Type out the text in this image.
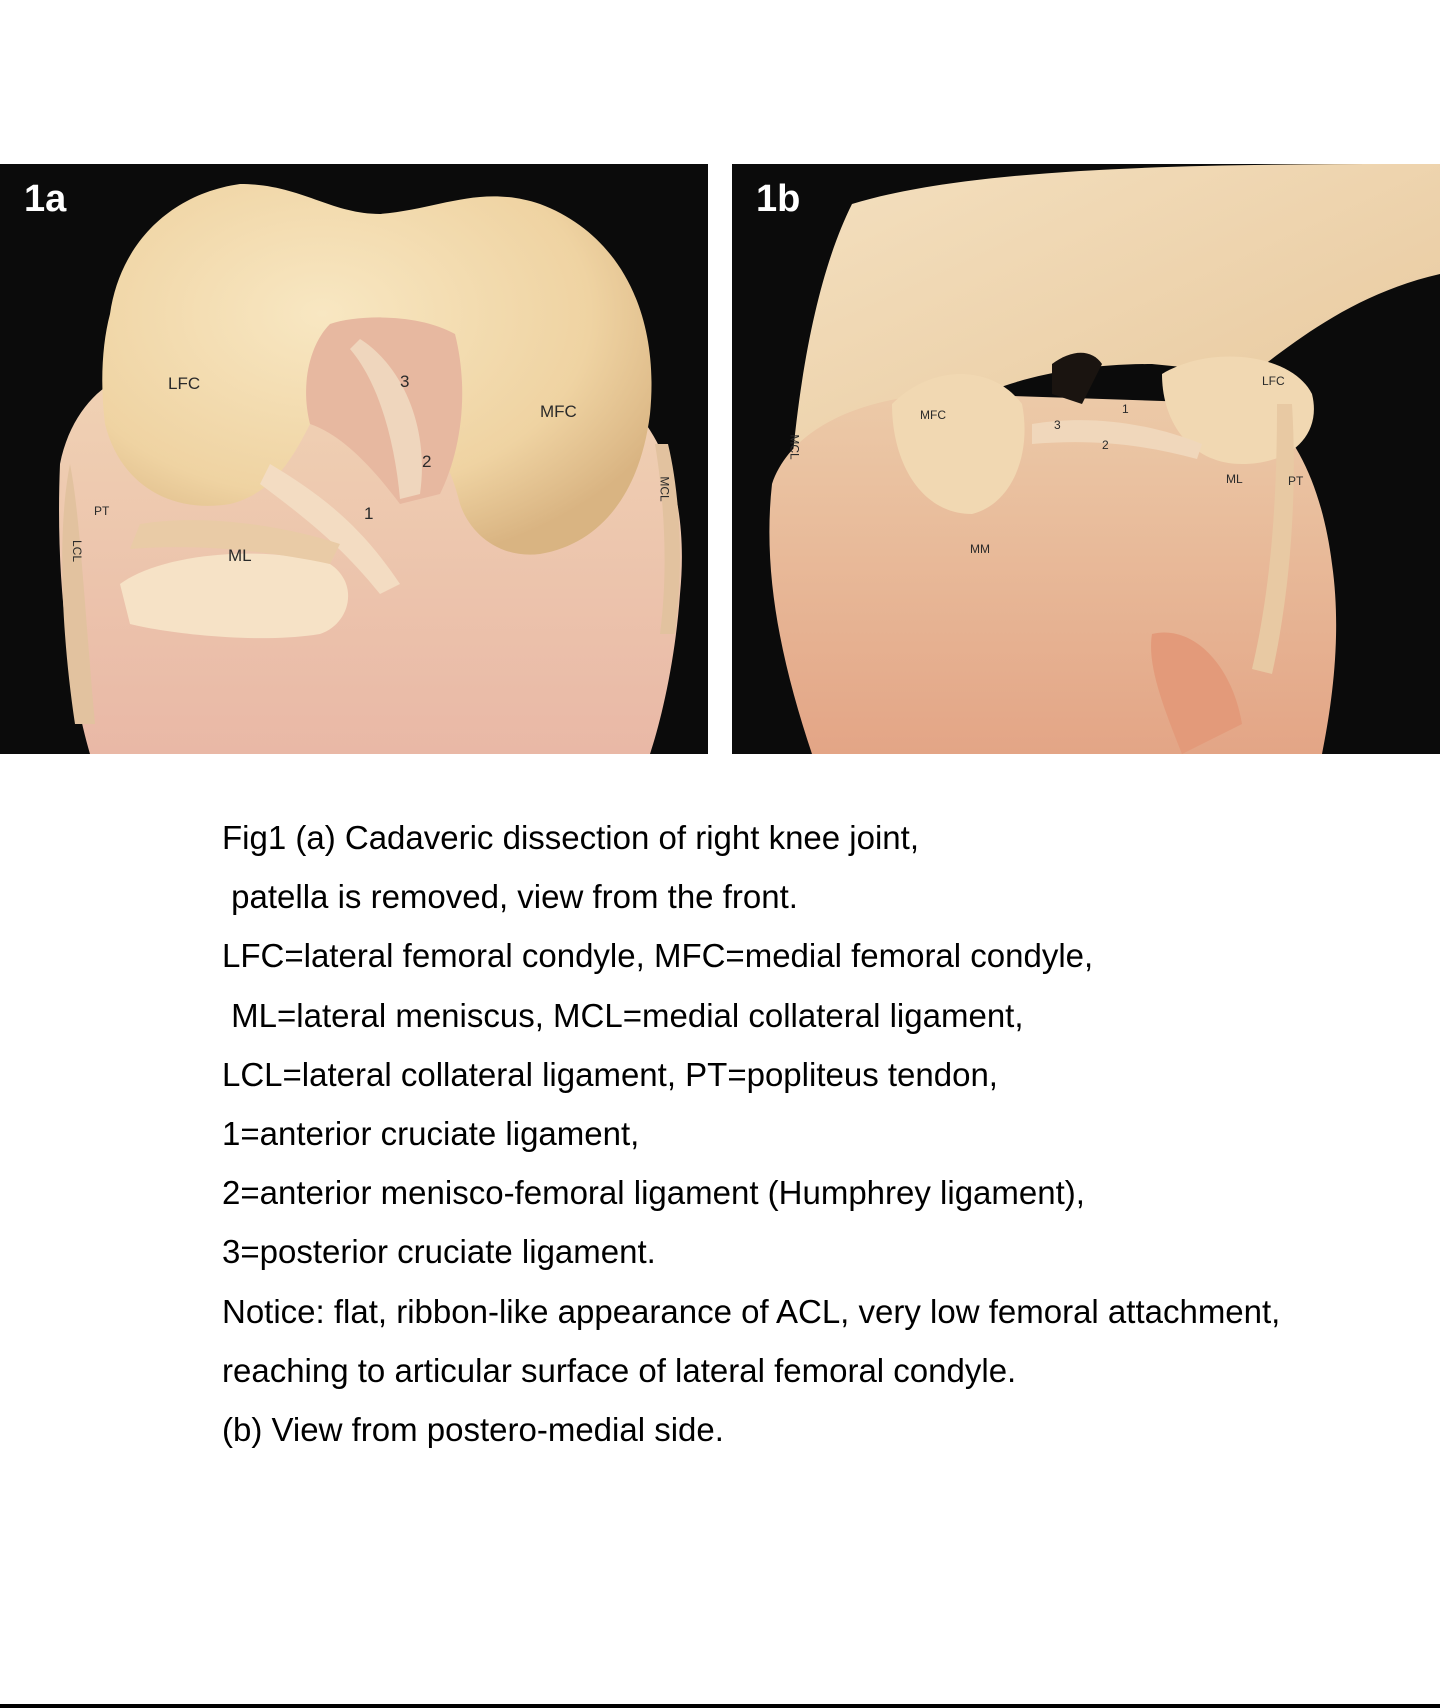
1a
LFC
MFC
ML
PT
LCL
MCL
1
2
3
1b
LFC
MFC
ML
MM
PT
MCL
1
2
3
Fig1 (a) Cadaveric dissection of right knee joint,
patella is removed, view from the front.
LFC=lateral femoral condyle, MFC=medial femoral condyle,
ML=lateral meniscus, MCL=medial collateral ligament,
LCL=lateral collateral ligament, PT=popliteus tendon,
1=anterior cruciate ligament,
2=anterior menisco-femoral ligament (Humphrey ligament),
3=posterior cruciate ligament.
Notice: flat, ribbon-like appearance of ACL, very low femoral attachment,
reaching to articular surface of lateral femoral condyle.
(b) View from postero-medial side.
